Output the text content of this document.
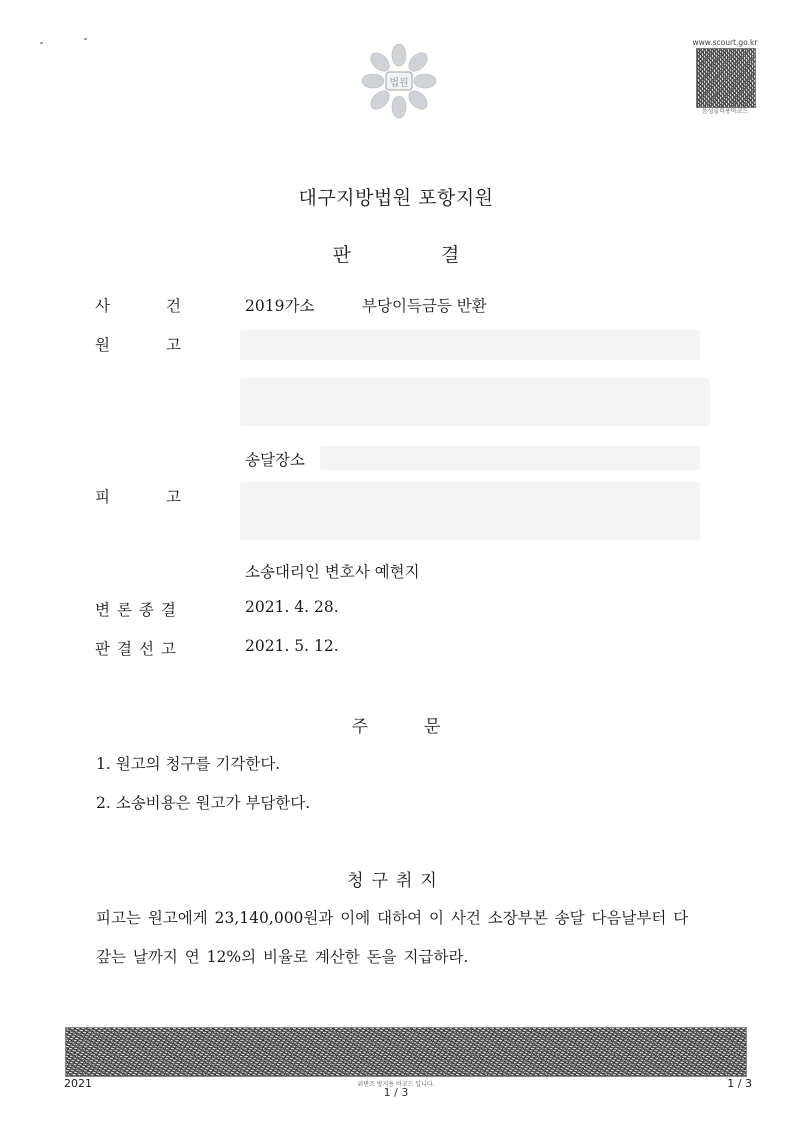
법원
www.scourt.go.kr
음성출력용바코드
대구지방법원 포항지원
판	결
사	건	2019가소	부당이득금등 반환
원	고
송달장소
피	고
소송대리인 변호사 예현지
변론종결	2021. 4. 28.
판결선고	2021. 5. 12.
주	문
1. 원고의 청구를 기각한다.
2. 소송비용은 원고가 부담한다.
청구취지
피고는 원고에게 23,140,000원과 이에 대하여 이 사건 소장부본 송달 다음날부터 다
갚는 날까지 연 12%의 비율로 계산한 돈을 지급하라.
2021	위변조 방지용 바코드 입니다.
1 / 3
1 / 3
